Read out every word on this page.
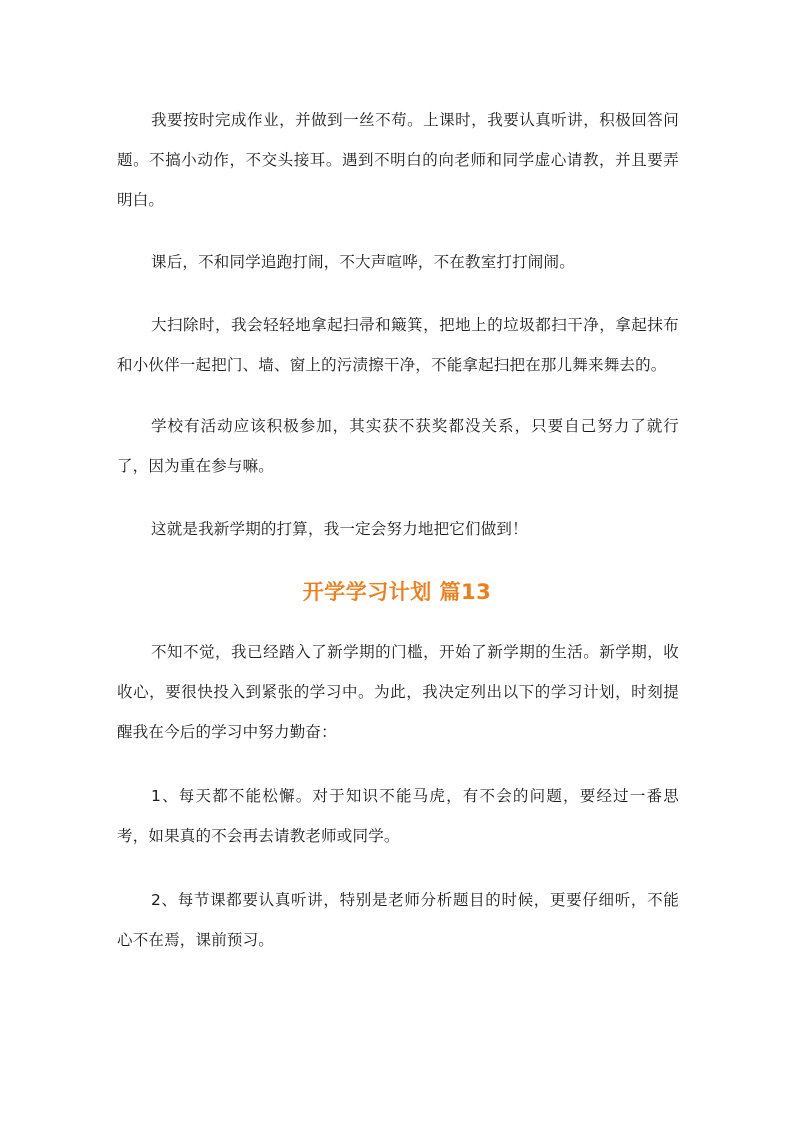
我要按时完成作业，并做到一丝不苟。上课时，我要认真听讲，积极回答问题。不搞小动作，不交头接耳。遇到不明白的向老师和同学虚心请教，并且要弄明白。

课后，不和同学追跑打闹，不大声喧哗，不在教室打打闹闹。

大扫除时，我会轻轻地拿起扫帚和簸箕，把地上的垃圾都扫干净，拿起抹布和小伙伴一起把门、墙、窗上的污渍擦干净，不能拿起扫把在那儿舞来舞去的。

学校有活动应该积极参加，其实获不获奖都没关系，只要自己努力了就行了，因为重在参与嘛。

这就是我新学期的打算，我一定会努力地把它们做到！

开学学习计划 篇13

不知不觉，我已经踏入了新学期的门槛，开始了新学期的生活。新学期，收收心，要很快投入到紧张的学习中。为此，我决定列出以下的学习计划，时刻提醒我在今后的学习中努力勤奋：

1、每天都不能松懈。对于知识不能马虎，有不会的问题，要经过一番思考，如果真的不会再去请教老师或同学。

2、每节课都要认真听讲，特别是老师分析题目的时候，更要仔细听，不能心不在焉，课前预习。
